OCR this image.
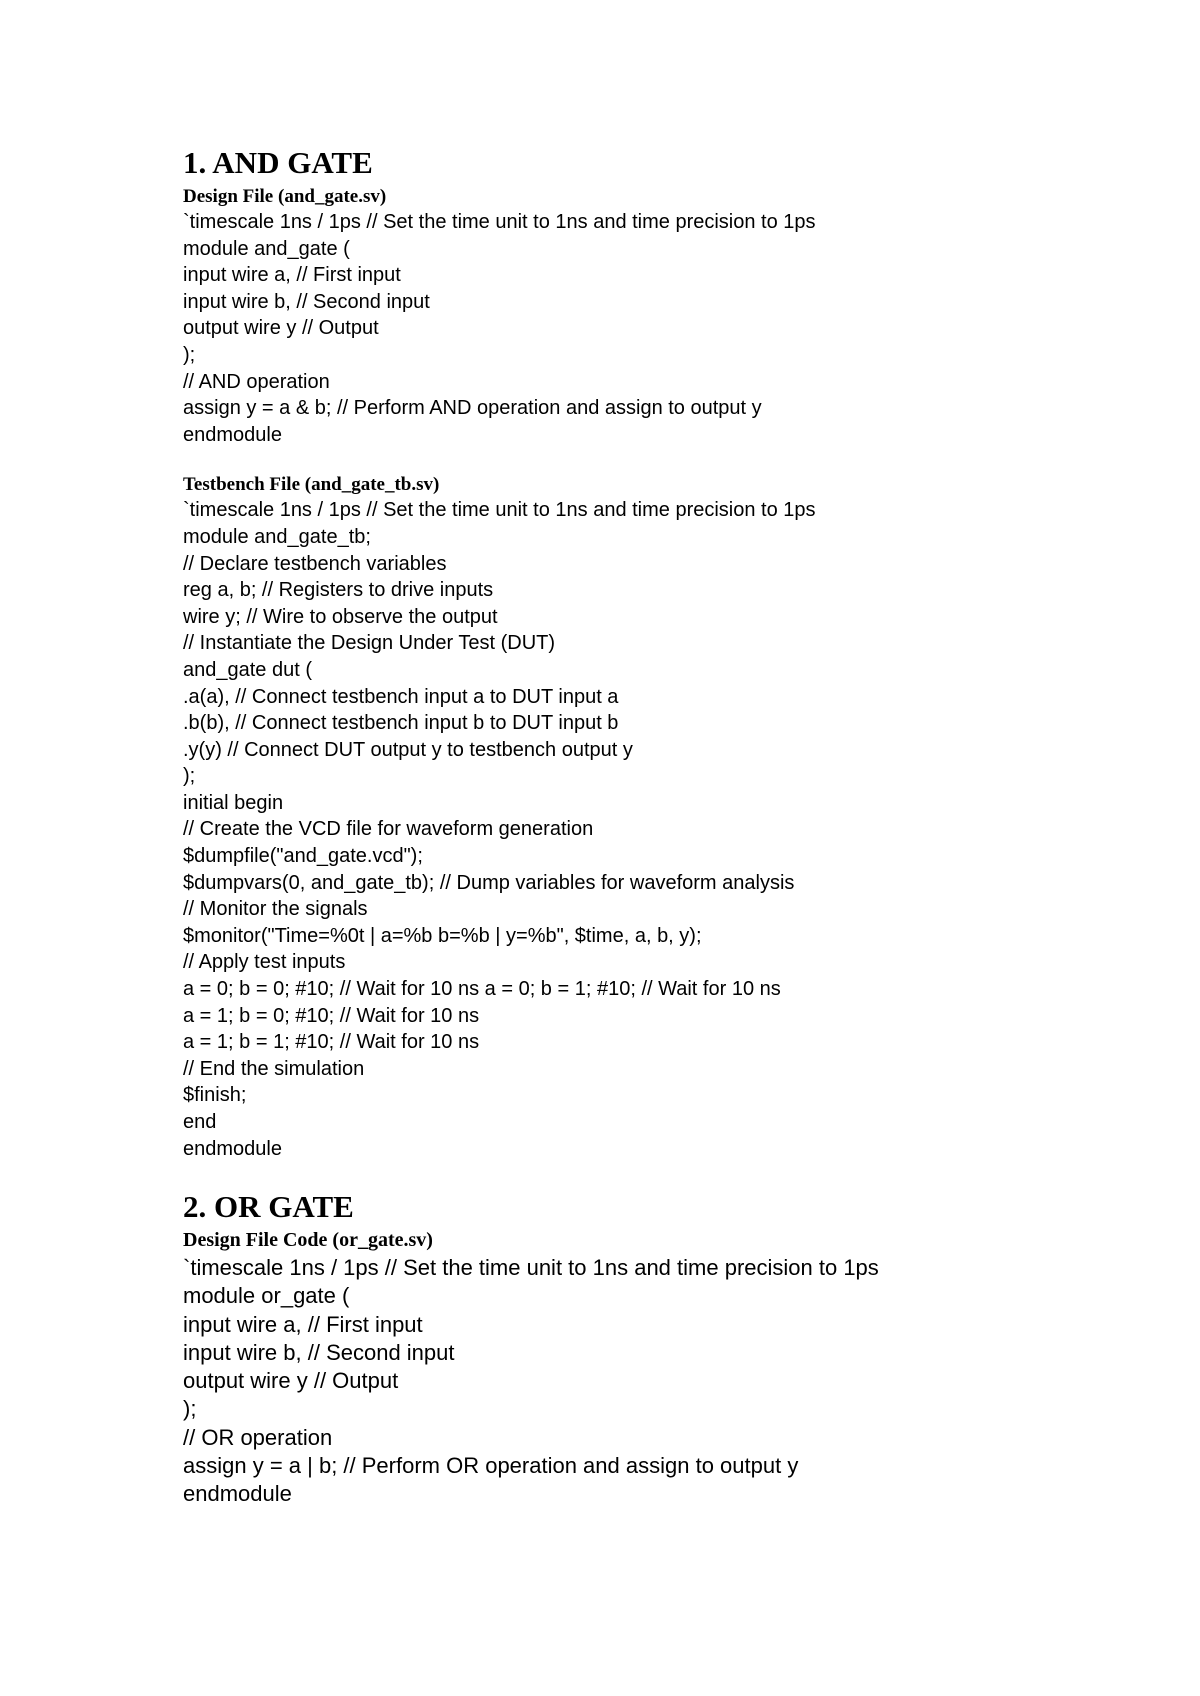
1. AND GATE
Design File (and_gate.sv)
`timescale 1ns / 1ps // Set the time unit to 1ns and time precision to 1ps
module and_gate (
input wire a, // First input
input wire b, // Second input
output wire y // Output
);
// AND operation
assign y = a & b; // Perform AND operation and assign to output y
endmodule
Testbench File (and_gate_tb.sv)
`timescale 1ns / 1ps // Set the time unit to 1ns and time precision to 1ps
module and_gate_tb;
// Declare testbench variables
reg a, b; // Registers to drive inputs
wire y; // Wire to observe the output
// Instantiate the Design Under Test (DUT)
and_gate dut (
.a(a), // Connect testbench input a to DUT input a
.b(b), // Connect testbench input b to DUT input b
.y(y) // Connect DUT output y to testbench output y
);
initial begin
// Create the VCD file for waveform generation
$dumpfile("and_gate.vcd");
$dumpvars(0, and_gate_tb); // Dump variables for waveform analysis
// Monitor the signals
$monitor("Time=%0t | a=%b b=%b | y=%b", $time, a, b, y);
// Apply test inputs
a = 0; b = 0; #10; // Wait for 10 ns a = 0; b = 1; #10; // Wait for 10 ns
a = 1; b = 0; #10; // Wait for 10 ns
a = 1; b = 1; #10; // Wait for 10 ns
// End the simulation
$finish;
end
endmodule
2. OR GATE
Design File Code (or_gate.sv)
`timescale 1ns / 1ps // Set the time unit to 1ns and time precision to 1ps
module or_gate (
input wire a, // First input
input wire b, // Second input
output wire y // Output
);
// OR operation
assign y = a | b; // Perform OR operation and assign to output y
endmodule
